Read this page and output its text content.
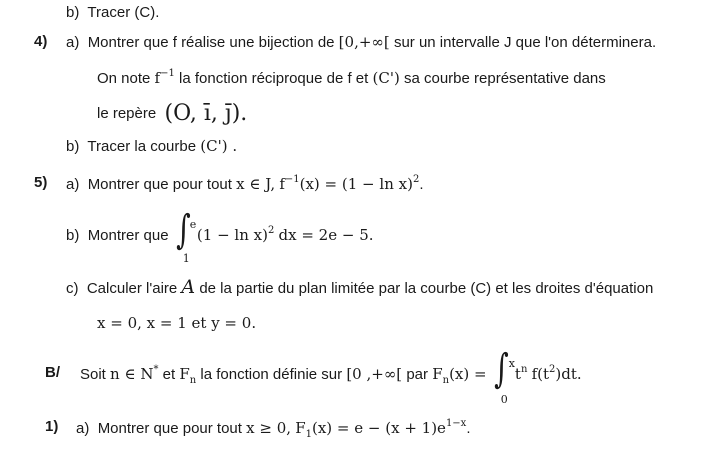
b) Tracer (C).
4) a) Montrer que f réalise une bijection de [0,+∞[ sur un intervalle J que l'on déterminera.
On note $f^{-1}$ la fonction réciproque de f et (C') sa courbe représentative dans
le repère (O, ī, j̄).
b) Tracer la courbe (C') .
5) a) Montrer que pour tout x ∈ J, $f^{-1}(x) = (1 - \ln x)^2$.
b) Montrer que ∫ e
1
$(1 - \ln x)^2$ dx = 2e − 5.
c) Calculer l'aire A de la partie du plan limitée par la courbe (C) et les droites d'équation
x = 0, x = 1 et y = 0.
B/ Soit n ∈ N* et $F_n$ la fonction définie sur [0 ,+∞[ par $F_n(x)$ = ∫ x
0
$t^n$ $f(t^2)dt$.
1) a) Montrer que pour tout x ≥ 0, $F_1(x) = e - (x + 1)e^{1-x}$.
